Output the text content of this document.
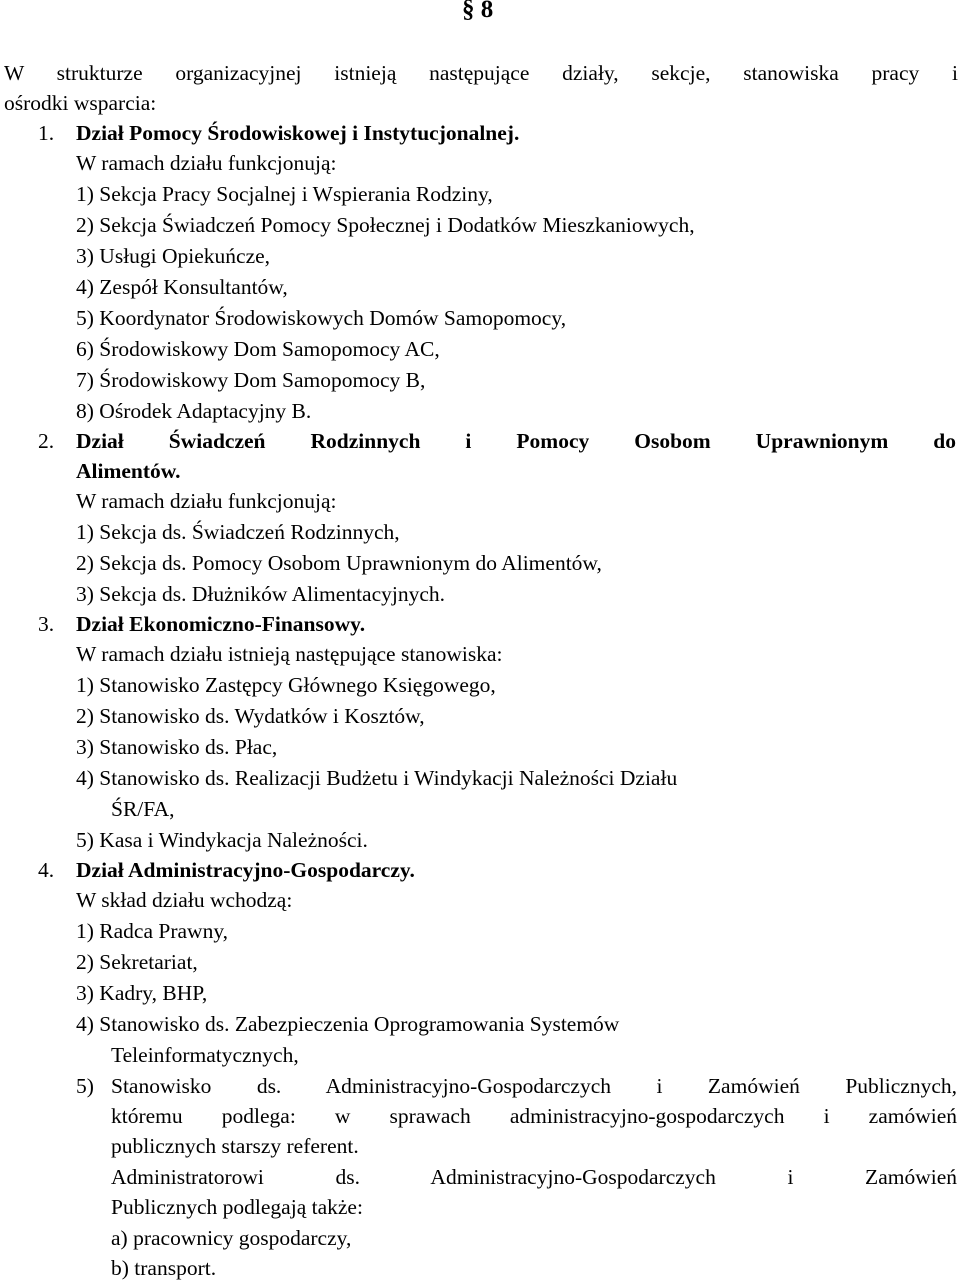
§ 8
W strukturze organizacyjnej istnieją następujące działy, sekcje, stanowiska pracy i
ośrodki wsparcia:
1. Dział Pomocy Środowiskowej i Instytucjonalnej.
W ramach działu funkcjonują:
1) Sekcja Pracy Socjalnej i Wspierania Rodziny,
2) Sekcja Świadczeń Pomocy Społecznej i Dodatków Mieszkaniowych,
3) Usługi Opiekuńcze,
4) Zespół Konsultantów,
5) Koordynator Środowiskowych Domów Samopomocy,
6) Środowiskowy Dom Samopomocy AC,
7) Środowiskowy Dom Samopomocy B,
8) Ośrodek Adaptacyjny B.
2. Dział Świadczeń Rodzinnych i Pomocy Osobom Uprawnionym do
Alimentów.
W ramach działu funkcjonują:
1) Sekcja ds. Świadczeń Rodzinnych,
2) Sekcja ds. Pomocy Osobom Uprawnionym do Alimentów,
3) Sekcja ds. Dłużników Alimentacyjnych.
3. Dział Ekonomiczno-Finansowy.
W ramach działu istnieją następujące stanowiska:
1) Stanowisko Zastępcy Głównego Księgowego,
2) Stanowisko ds. Wydatków i Kosztów,
3) Stanowisko ds. Płac,
4) Stanowisko ds. Realizacji Budżetu i Windykacji Należności Działu
ŚR/FA,
5) Kasa i Windykacja Należności.
4. Dział Administracyjno-Gospodarczy.
W skład działu wchodzą:
1) Radca Prawny,
2) Sekretariat,
3) Kadry, BHP,
4) Stanowisko ds. Zabezpieczenia Oprogramowania Systemów
Teleinformatycznych,
5) Stanowisko ds. Administracyjno-Gospodarczych i Zamówień Publicznych,
któremu podlega: w sprawach administracyjno-gospodarczych i zamówień
publicznych starszy referent.
Administratorowi ds. Administracyjno-Gospodarczych i Zamówień
Publicznych podlegają także:
a) pracownicy gospodarczy,
b) transport.
